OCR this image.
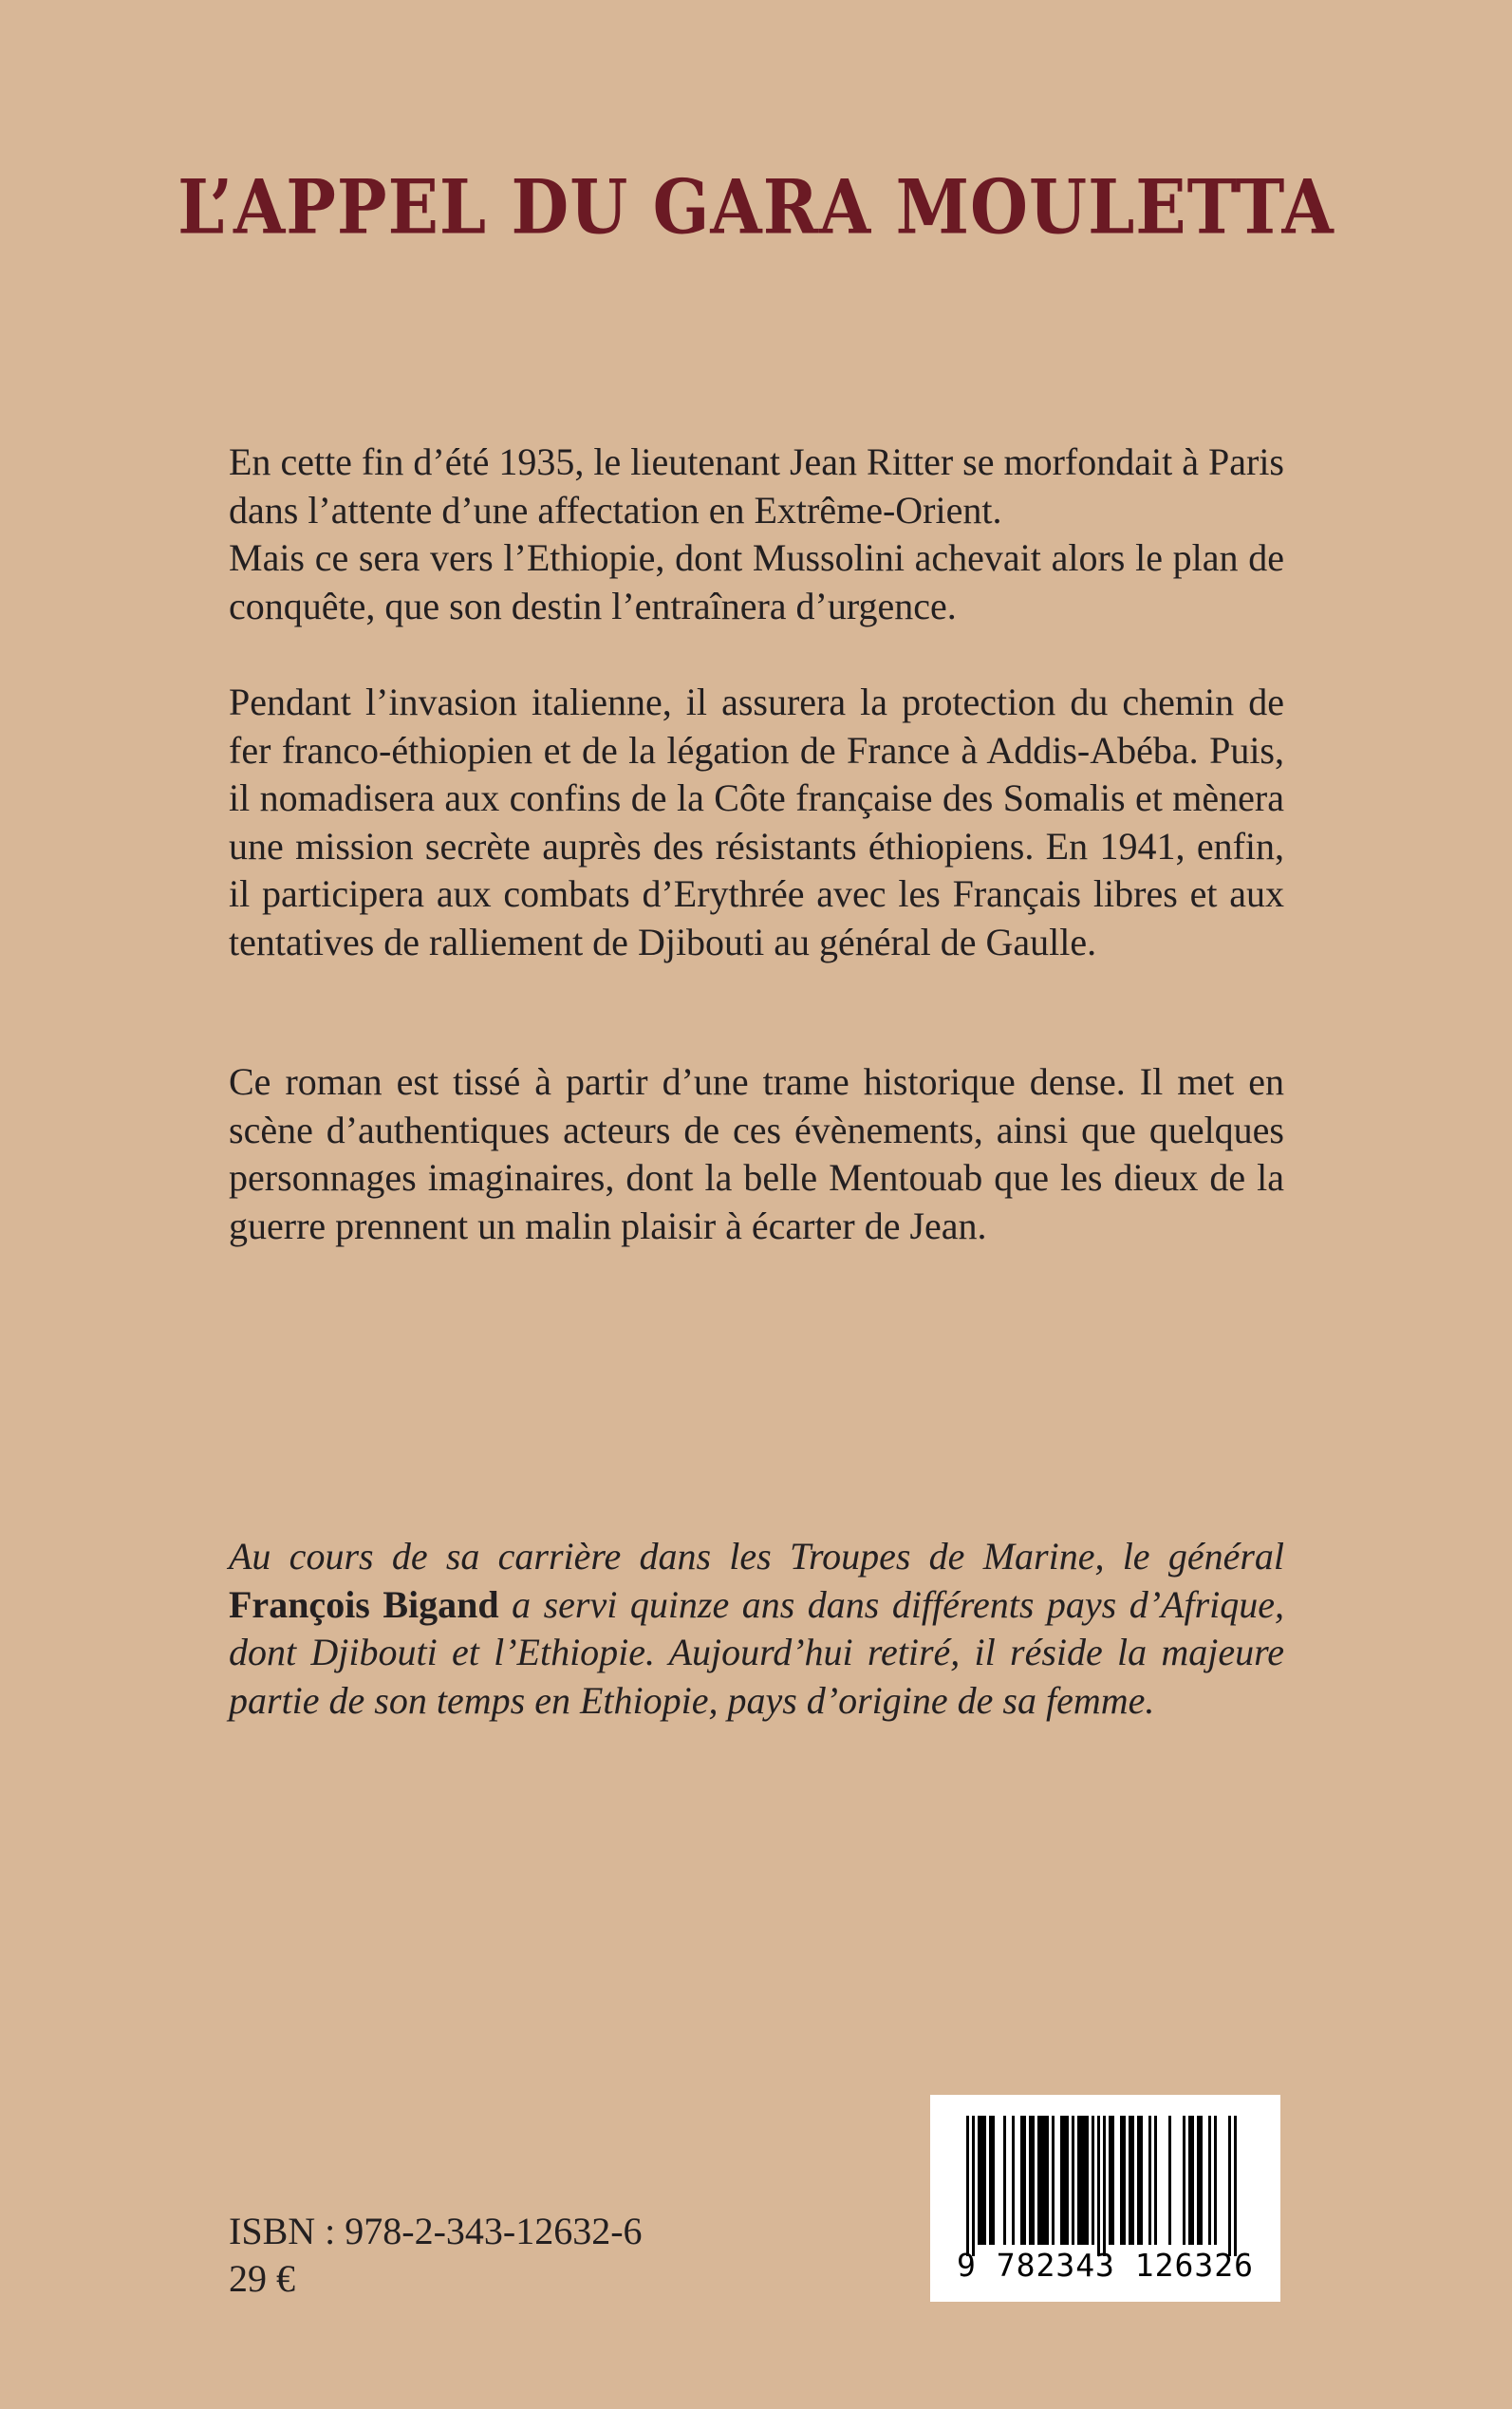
L’APPEL DU GARA MOULETTA

En cette fin d’été 1935, le lieutenant Jean Ritter se morfondait à Paris dans l’attente d’une affectation en Extrême-Orient.

Mais ce sera vers l’Ethiopie, dont Mussolini achevait alors le plan de conquête, que son destin l’entraînera d’urgence.

Pendant l’invasion italienne, il assurera la protection du chemin de fer franco-éthiopien et de la légation de France à Addis-Abéba. Puis, il nomadisera aux confins de la Côte française des Somalis et mènera une mission secrète auprès des résistants éthiopiens. En 1941, enfin, il participera aux combats d’Erythrée avec les Français libres et aux tentatives de ralliement de Djibouti au général de Gaulle.
Ce roman est tissé à partir d’une trame historique dense. Il met en scène d’authentiques acteurs de ces évènements, ainsi que quelques personnages imaginaires, dont la belle Mentouab que les dieux de la guerre prennent un malin plaisir à écarter de Jean.
Au cours de sa carrière dans les Troupes de Marine, le général François Bigand a servi quinze ans dans différents pays d’Afrique, dont Djibouti et l’Ethiopie. Aujourd’hui retiré, il réside la majeure partie de son temps en Ethiopie, pays d’origine de sa femme.
ISBN : 978-2-343-12632-6
29 €	9 782343 126326
